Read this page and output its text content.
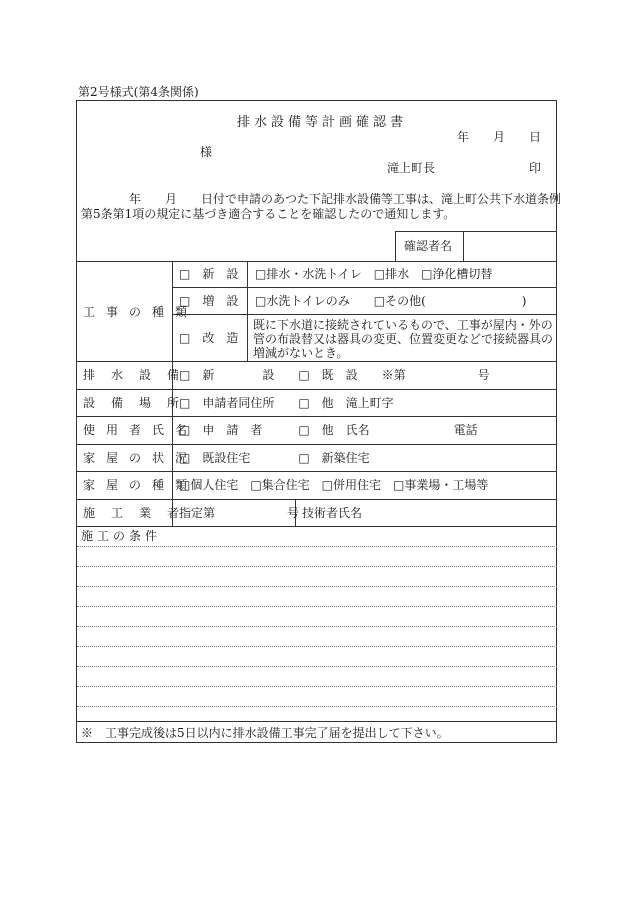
第2号様式(第4条関係)
排水設備等計画確認書
年　　月　　日
様
滝上町長	印
年　　月　　日付で申請のあつた下記排水設備等工事は、滝上町公共下水道条例
第5条第1項の規定に基づき適合することを確認したので通知します。
確認者名
工事の種類
□　新　設 □排水・水洗トイレ　□排水　□浄化槽切替
□　増　設 □水洗トイレのみ　　□その他(　　　　　　　　)
□　改　造
既に下水道に接続されているもので、工事が屋内・外の
管の布設替又は器具の変更、位置変更などで接続器具の
増減がないとき。
排水設備
□　新　　　　設　　□　既　設　　※第　　　　　　号
設備場所
□　申請者同住所　　□　他　滝上町字
使用者氏名
□　申　請　者　　　□　他　氏名　　　　　　　電話
家屋の状況
□　既設住宅　　　　□　新築住宅
家屋の種類
□個人住宅　□集合住宅　□併用住宅　□事業場・工場等
施工業者
指定第　　　　　　号 技術者氏名
施工の条件
※　工事完成後は5日以内に排水設備工事完了届を提出して下さい。
